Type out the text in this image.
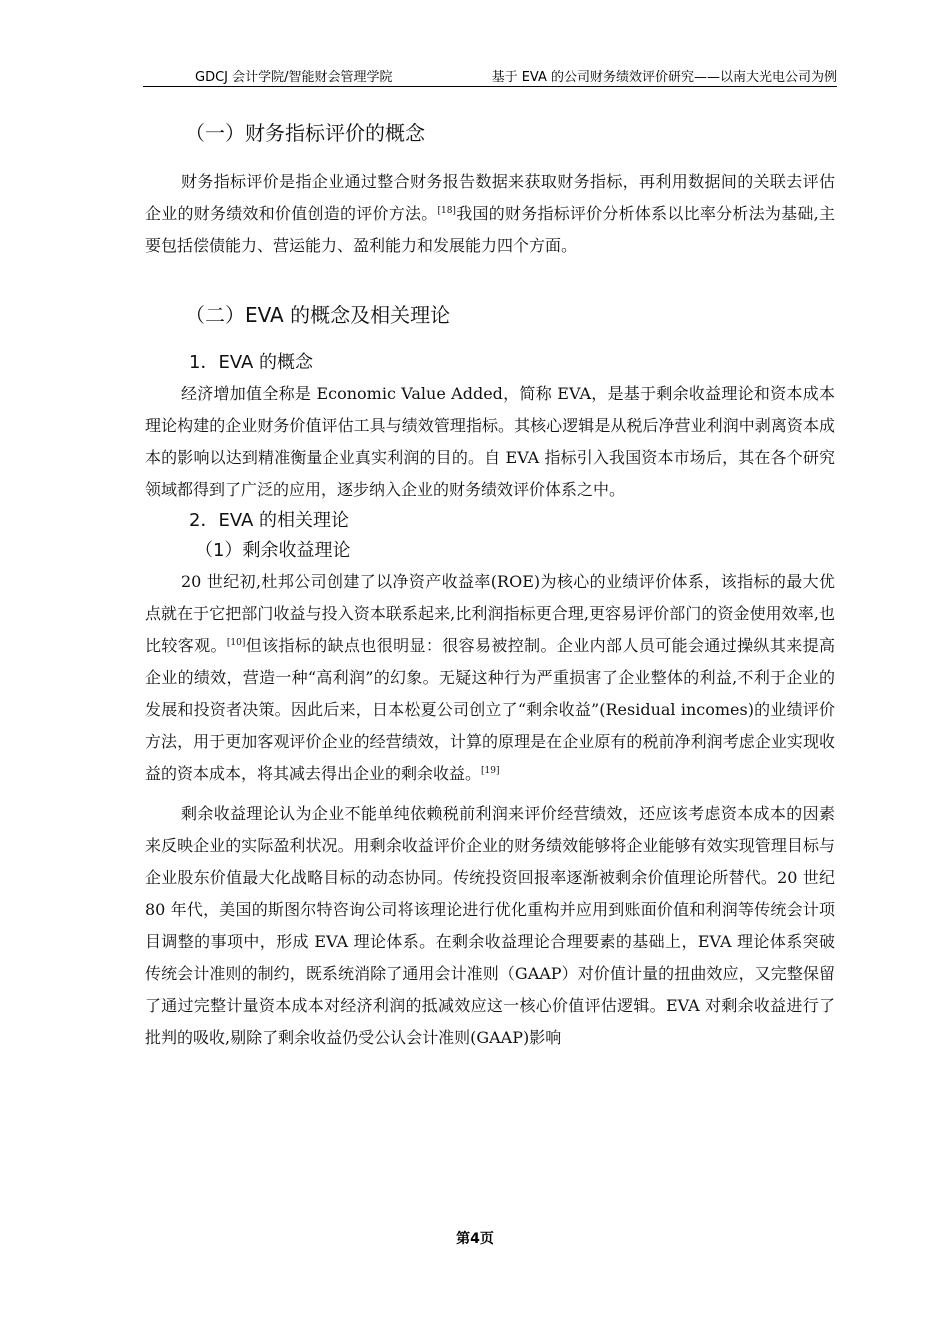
GDCJ 会计学院/智能财会管理学院	基于 EVA 的公司财务绩效评价研究——以南大光电公司为例
（一）财务指标评价的概念

财务指标评价是指企业通过整合财务报告数据来获取财务指标，再利用数据间的关联去评估企业的财务绩效和价值创造的评价方法。[18]我国的财务指标评价分析体系以比率分析法为基础,主要包括偿债能力、营运能力、盈利能力和发展能力四个方面。

（二）EVA 的概念及相关理论
1．EVA 的概念

经济增加值全称是 Economic Value Added，简称 EVA，是基于剩余收益理论和资本成本理论构建的企业财务价值评估工具与绩效管理指标。其核心逻辑是从税后净营业利润中剥离资本成本的影响以达到精准衡量企业真实利润的目的。自 EVA 指标引入我国资本市场后，其在各个研究领域都得到了广泛的应用，逐步纳入企业的财务绩效评价体系之中。

2．EVA 的相关理论
（1）剩余收益理论

20 世纪初,杜邦公司创建了以净资产收益率(ROE)为核心的业绩评价体系，该指标的最大优点就在于它把部门收益与投入资本联系起来,比利润指标更合理,更容易评价部门的资金使用效率,也比较客观。[10]但该指标的缺点也很明显：很容易被控制。企业内部人员可能会通过操纵其来提高企业的绩效，营造一种“高利润”的幻象。无疑这种行为严重损害了企业整体的利益,不利于企业的发展和投资者决策。因此后来，日本松夏公司创立了“剩余收益”(Residual incomes)的业绩评价方法，用于更加客观评价企业的经营绩效，计算的原理是在企业原有的税前净利润考虑企业实现收益的资本成本，将其减去得出企业的剩余收益。[19]

剩余收益理论认为企业不能单纯依赖税前利润来评价经营绩效，还应该考虑资本成本的因素来反映企业的实际盈利状况。用剩余收益评价企业的财务绩效能够将企业能够有效实现管理目标与企业股东价值最大化战略目标的动态协同。传统投资回报率逐渐被剩余价值理论所替代。20 世纪 80 年代，美国的斯图尔特咨询公司将该理论进行优化重构并应用到账面价值和利润等传统会计项目调整的事项中，形成 EVA 理论体系。在剩余收益理论合理要素的基础上，EVA 理论体系突破传统会计准则的制约，既系统消除了通用会计准则（GAAP）对价值计量的扭曲效应，又完整保留了通过完整计量资本成本对经济利润的抵减效应这一核心价值评估逻辑。EVA 对剩余收益进行了批判的吸收,剔除了剩余收益仍受公认会计准则(GAAP)影响

第4页
